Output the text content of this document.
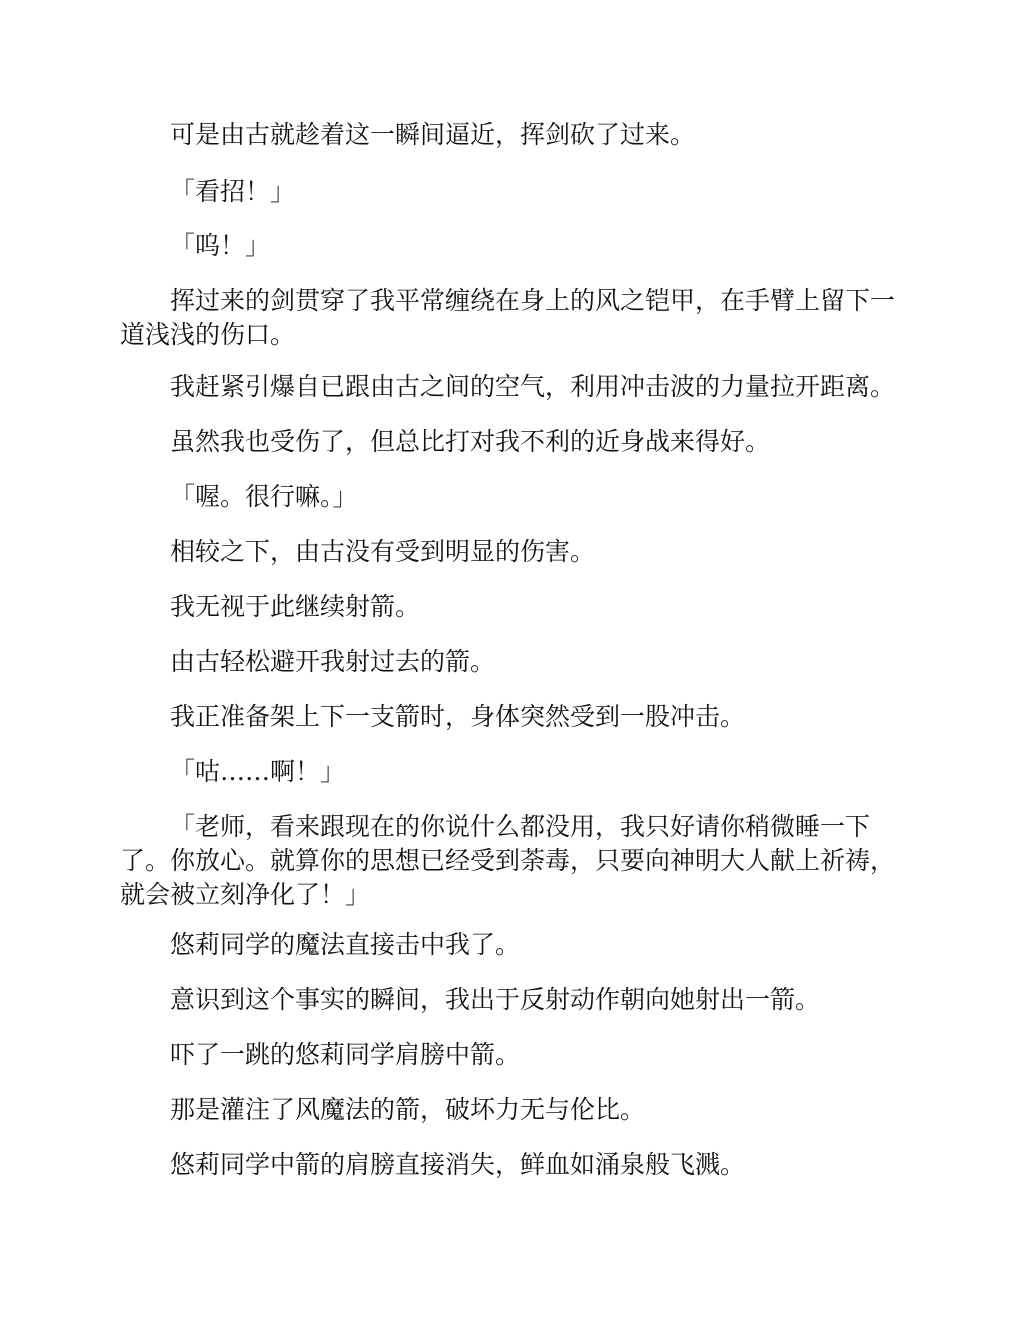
可是由古就趁着这一瞬间逼近，挥剑砍了过来。

「看招！」

「呜！」

挥过来的剑贯穿了我平常缠绕在身上的风之铠甲，在手臂上留下一道浅浅的伤口。

我赶紧引爆自已跟由古之间的空气，利用冲击波的力量拉开距离。

虽然我也受伤了，但总比打对我不利的近身战来得好。

「喔。很行嘛。」

相较之下，由古没有受到明显的伤害。

我无视于此继续射箭。

由古轻松避开我射过去的箭。

我正准备架上下一支箭时，身体突然受到一股冲击。

「咕……啊！」

「老师，看来跟现在的你说什么都没用，我只好请你稍微睡一下了。你放心。就算你的思想已经受到荼毒，只要向神明大人献上祈祷，就会被立刻净化了！」

悠莉同学的魔法直接击中我了。

意识到这个事实的瞬间，我出于反射动作朝向她射出一箭。

吓了一跳的悠莉同学肩膀中箭。

那是灌注了风魔法的箭，破坏力无与伦比。

悠莉同学中箭的肩膀直接消失，鲜血如涌泉般飞溅。
